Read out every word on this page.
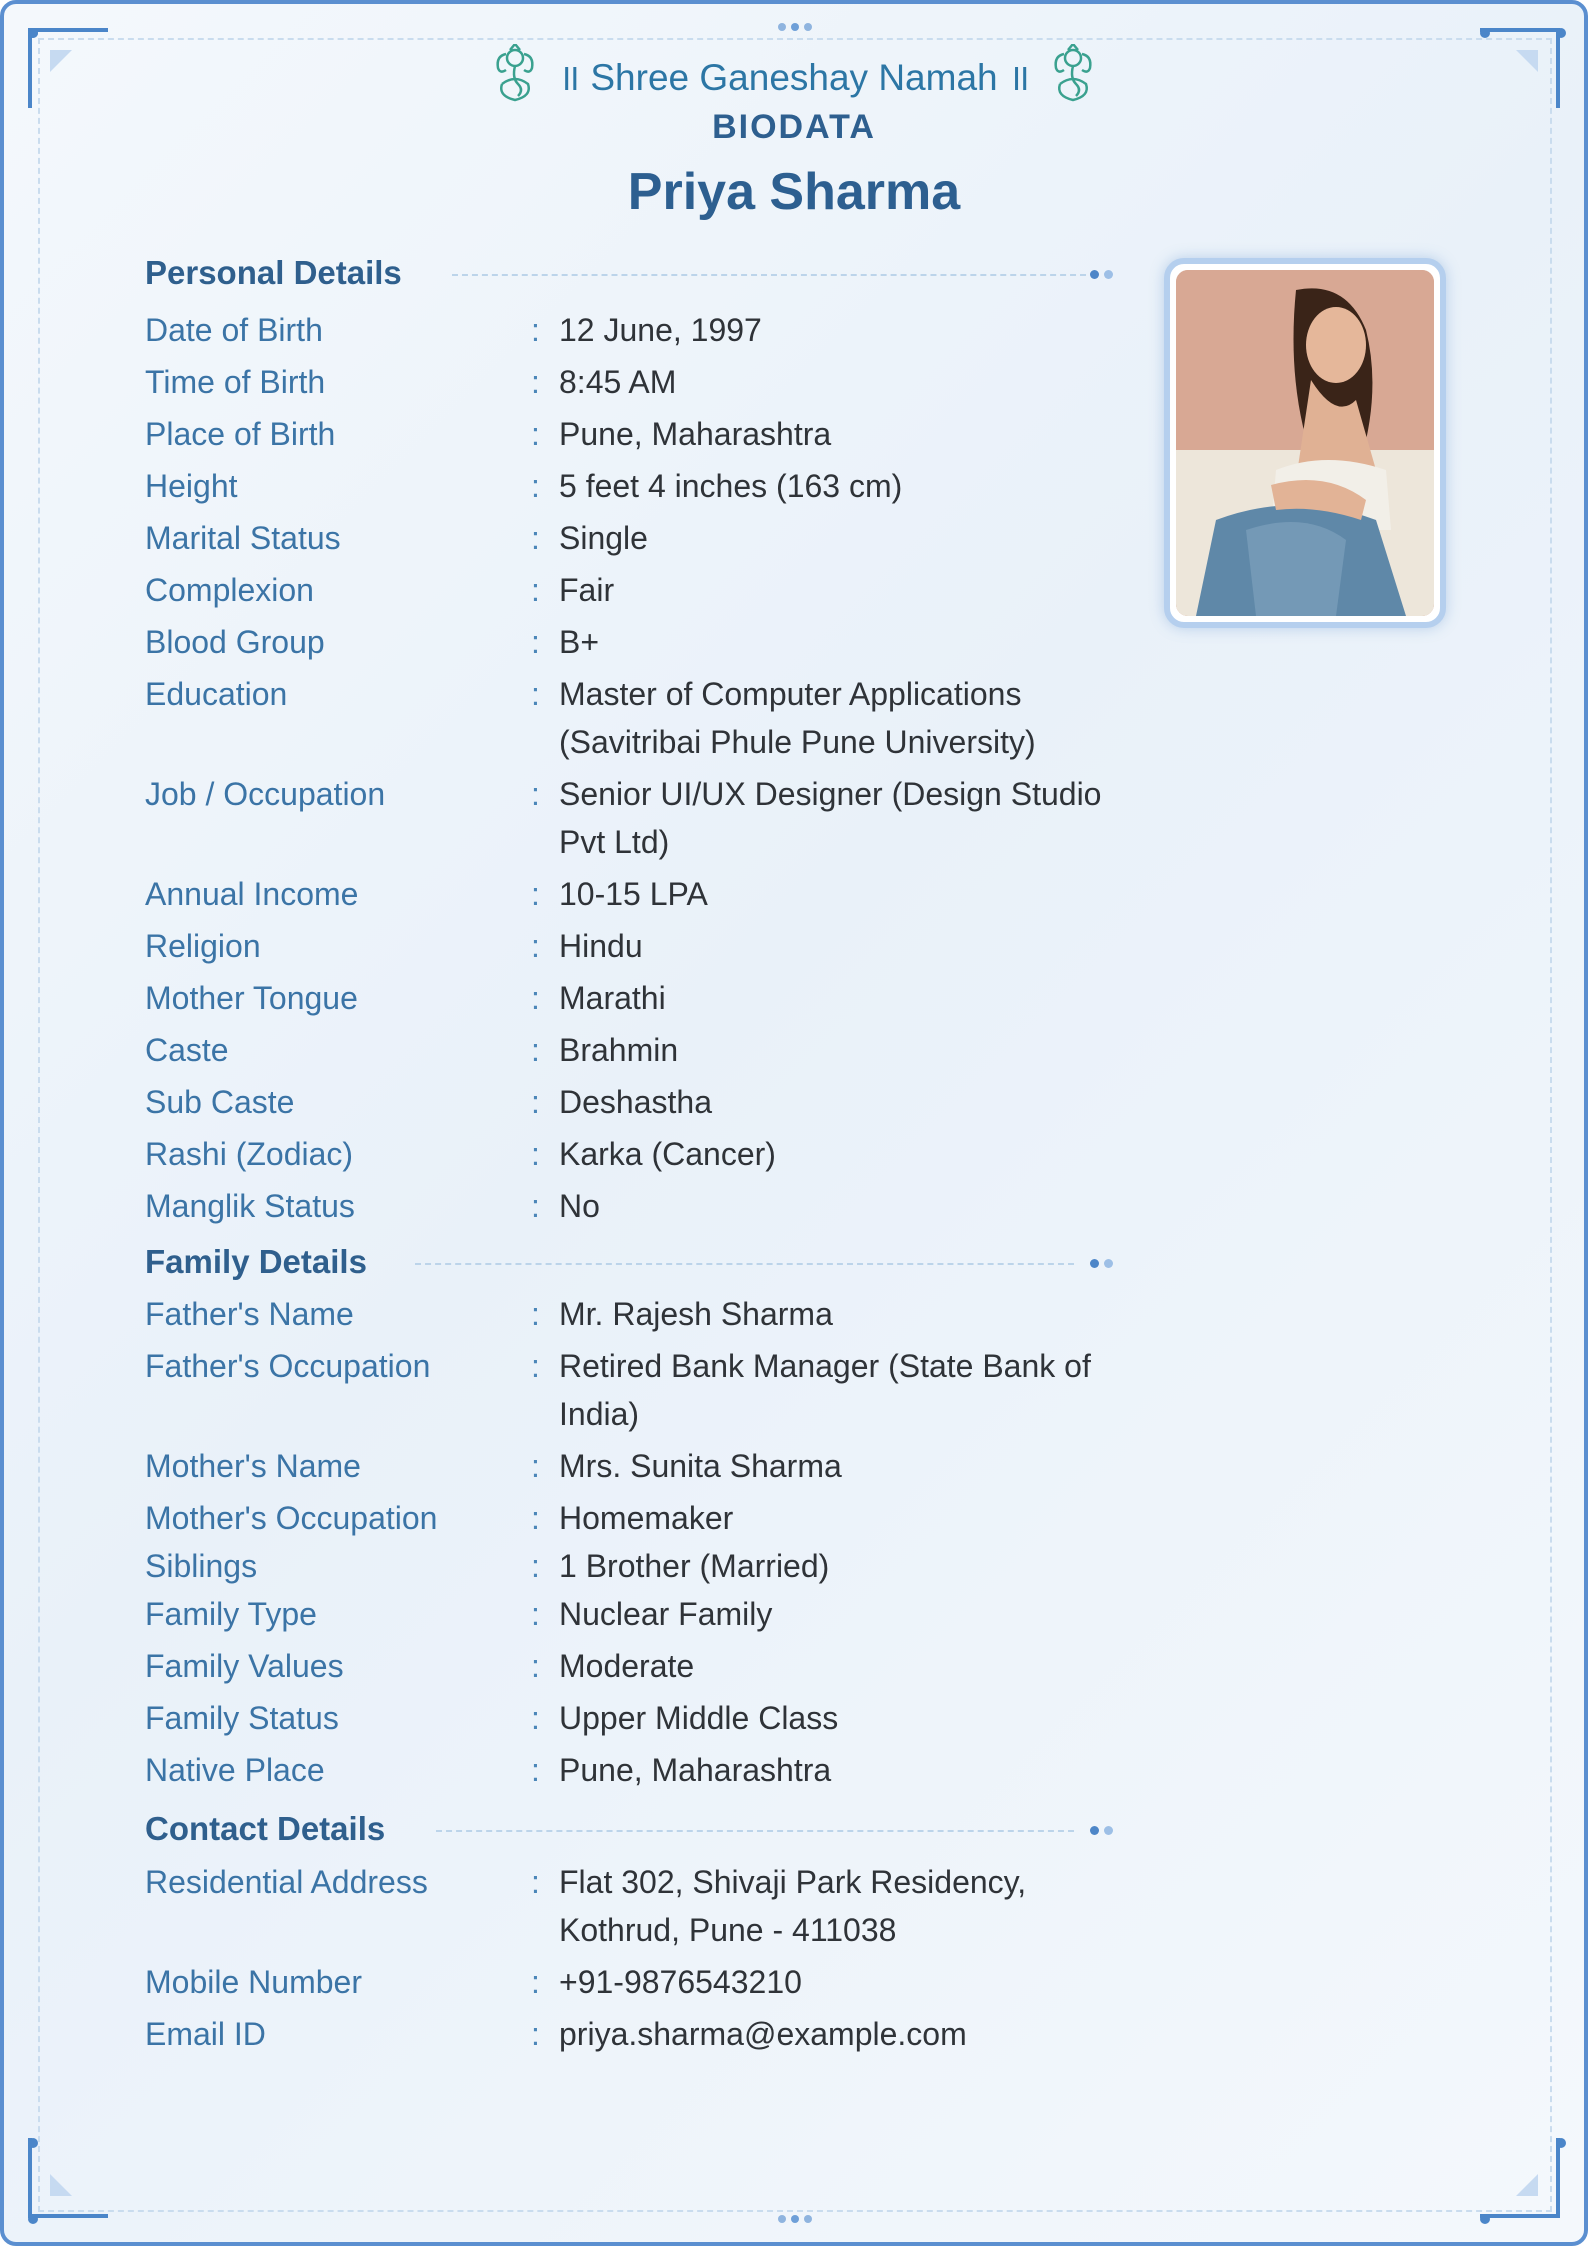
॥ Shree Ganeshay Namah ॥
BIODATA
Priya Sharma
Personal Details
Date of Birth	: 12 June, 1997
Time of Birth	: 8:45 AM
Place of Birth	: Pune, Maharashtra
Height	: 5 feet 4 inches (163 cm)
Marital Status	: Single
Complexion	: Fair
Blood Group	: B+
Education	: Master of Computer Applications (Savitribai Phule Pune University)
Job / Occupation	: Senior UI/UX Designer (Design Studio Pvt Ltd)
Annual Income	: 10-15 LPA
Religion	: Hindu
Mother Tongue	: Marathi
Caste	: Brahmin
Sub Caste	: Deshastha
Rashi (Zodiac)	: Karka (Cancer)
Manglik Status	: No
Family Details
Father's Name	: Mr. Rajesh Sharma
Father's Occupation	: Retired Bank Manager (State Bank of India)
Mother's Name	: Mrs. Sunita Sharma
Mother's Occupation	: Homemaker
Siblings	: 1 Brother (Married)
Family Type	: Nuclear Family
Family Values	: Moderate
Family Status	: Upper Middle Class
Native Place	: Pune, Maharashtra
Contact Details
Residential Address	: Flat 302, Shivaji Park Residency, Kothrud, Pune - 411038
Mobile Number	: +91-9876543210
Email ID	: priya.sharma@example.com
